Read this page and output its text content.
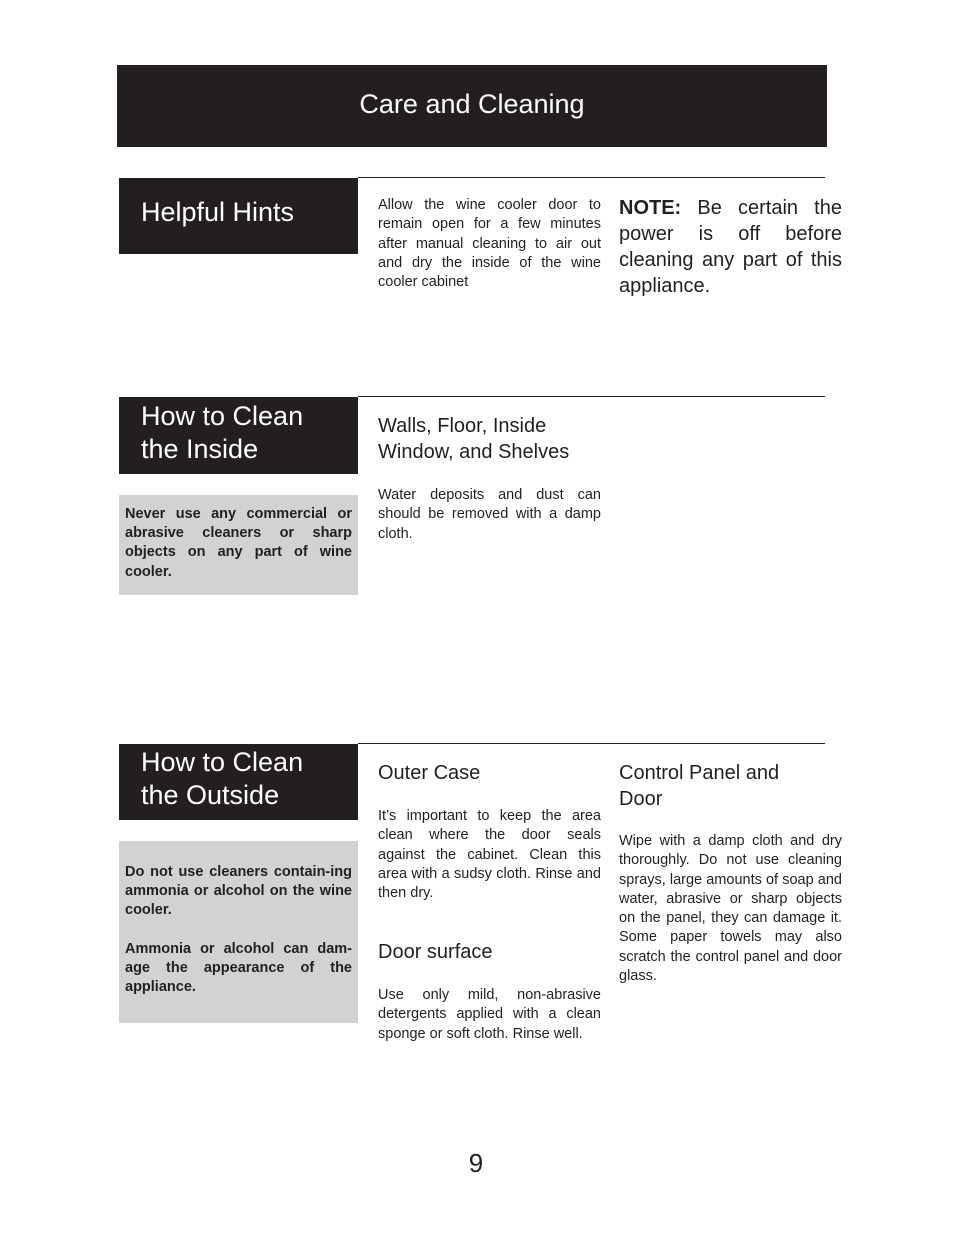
Care and Cleaning
Helpful Hints	Allow the wine cooler door to remain open for a few minutes after manual cleaning to air out and dry the inside of the wine cooler cabinet
NOTE: Be certain the power is off before cleaning any part of this appliance.
How to Clean
the Inside
Never use any commercial or abrasive cleaners or sharp objects on any part of wine cooler.
Walls, Floor, Inside
Window, and Shelves
Water deposits and dust can should be removed with a damp cloth.
How to Clean
the Outside
Do not use cleaners contain-ing ammonia or alcohol on the wine cooler.
Ammonia or alcohol can dam-age the appearance of the appliance.
Outer Case
It’s important to keep the area clean where the door seals against the cabinet. Clean this area with a sudsy cloth. Rinse and then dry.
Door surface
Use only mild, non-abrasive detergents applied with a clean sponge or soft cloth. Rinse well.
Control Panel and
Door
Wipe with a damp cloth and dry thoroughly. Do not use cleaning sprays, large amounts of soap and water, abrasive or sharp objects on the panel, they can damage it. Some paper towels may also scratch the control panel and door glass.
9
